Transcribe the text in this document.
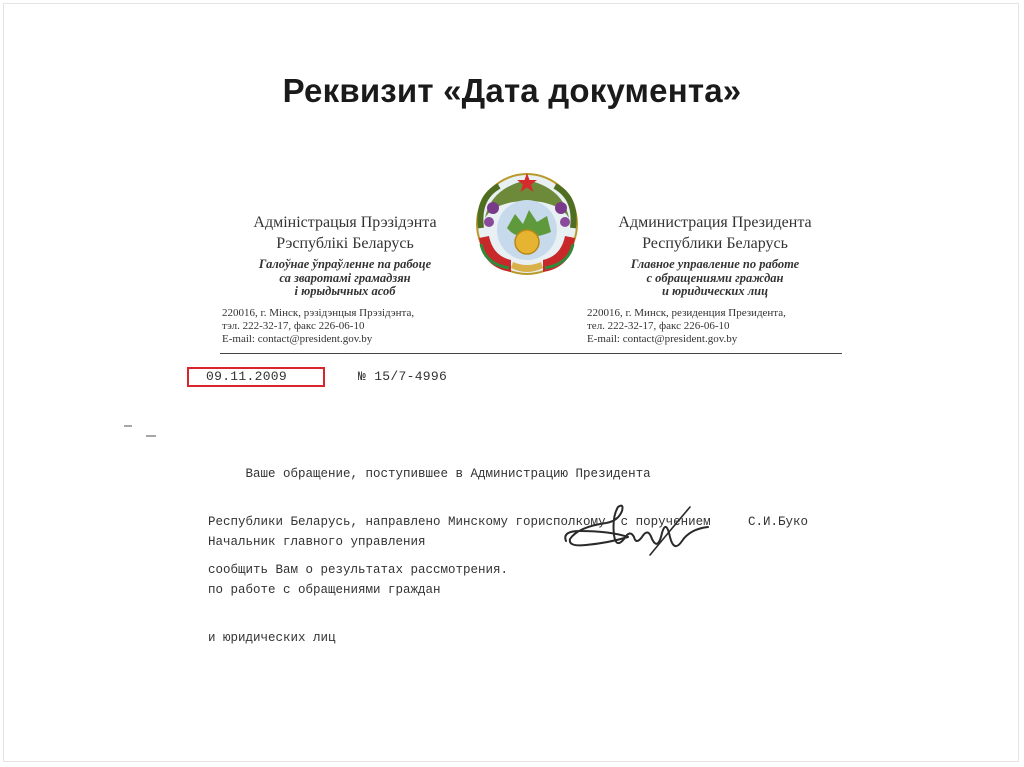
Реквизит «Дата документа»
Адміністрацыя Прэзідэнта
Рэспублікі Беларусь
Галоўнае ўпраўленне па рабоце
са зваротамі грамадзян
і юрыдычных асоб
220016, г. Мінск, рэзідэнцыя Прэзідэнта,
тэл. 222-32-17, факс 226-06-10
E-mail: contact@president.gov.by
Администрация Президента
Республики Беларусь
Главное управление по работе
с обращениями граждан
и юридических лиц
220016, г. Минск, резиденция Президента,
тел. 222-32-17, факс 226-06-10
E-mail: contact@president.gov.by
09.11.2009	№ 15/7-4996

Ваше обращение, поступившее в Администрацию Президента

Республики Беларусь, направлено Минскому горисполкому  с поручением

сообщить Вам о результатах рассмотрения.

Начальник главного управления

по работе с обращениями граждан

и юридических лиц

С.И.Буко
